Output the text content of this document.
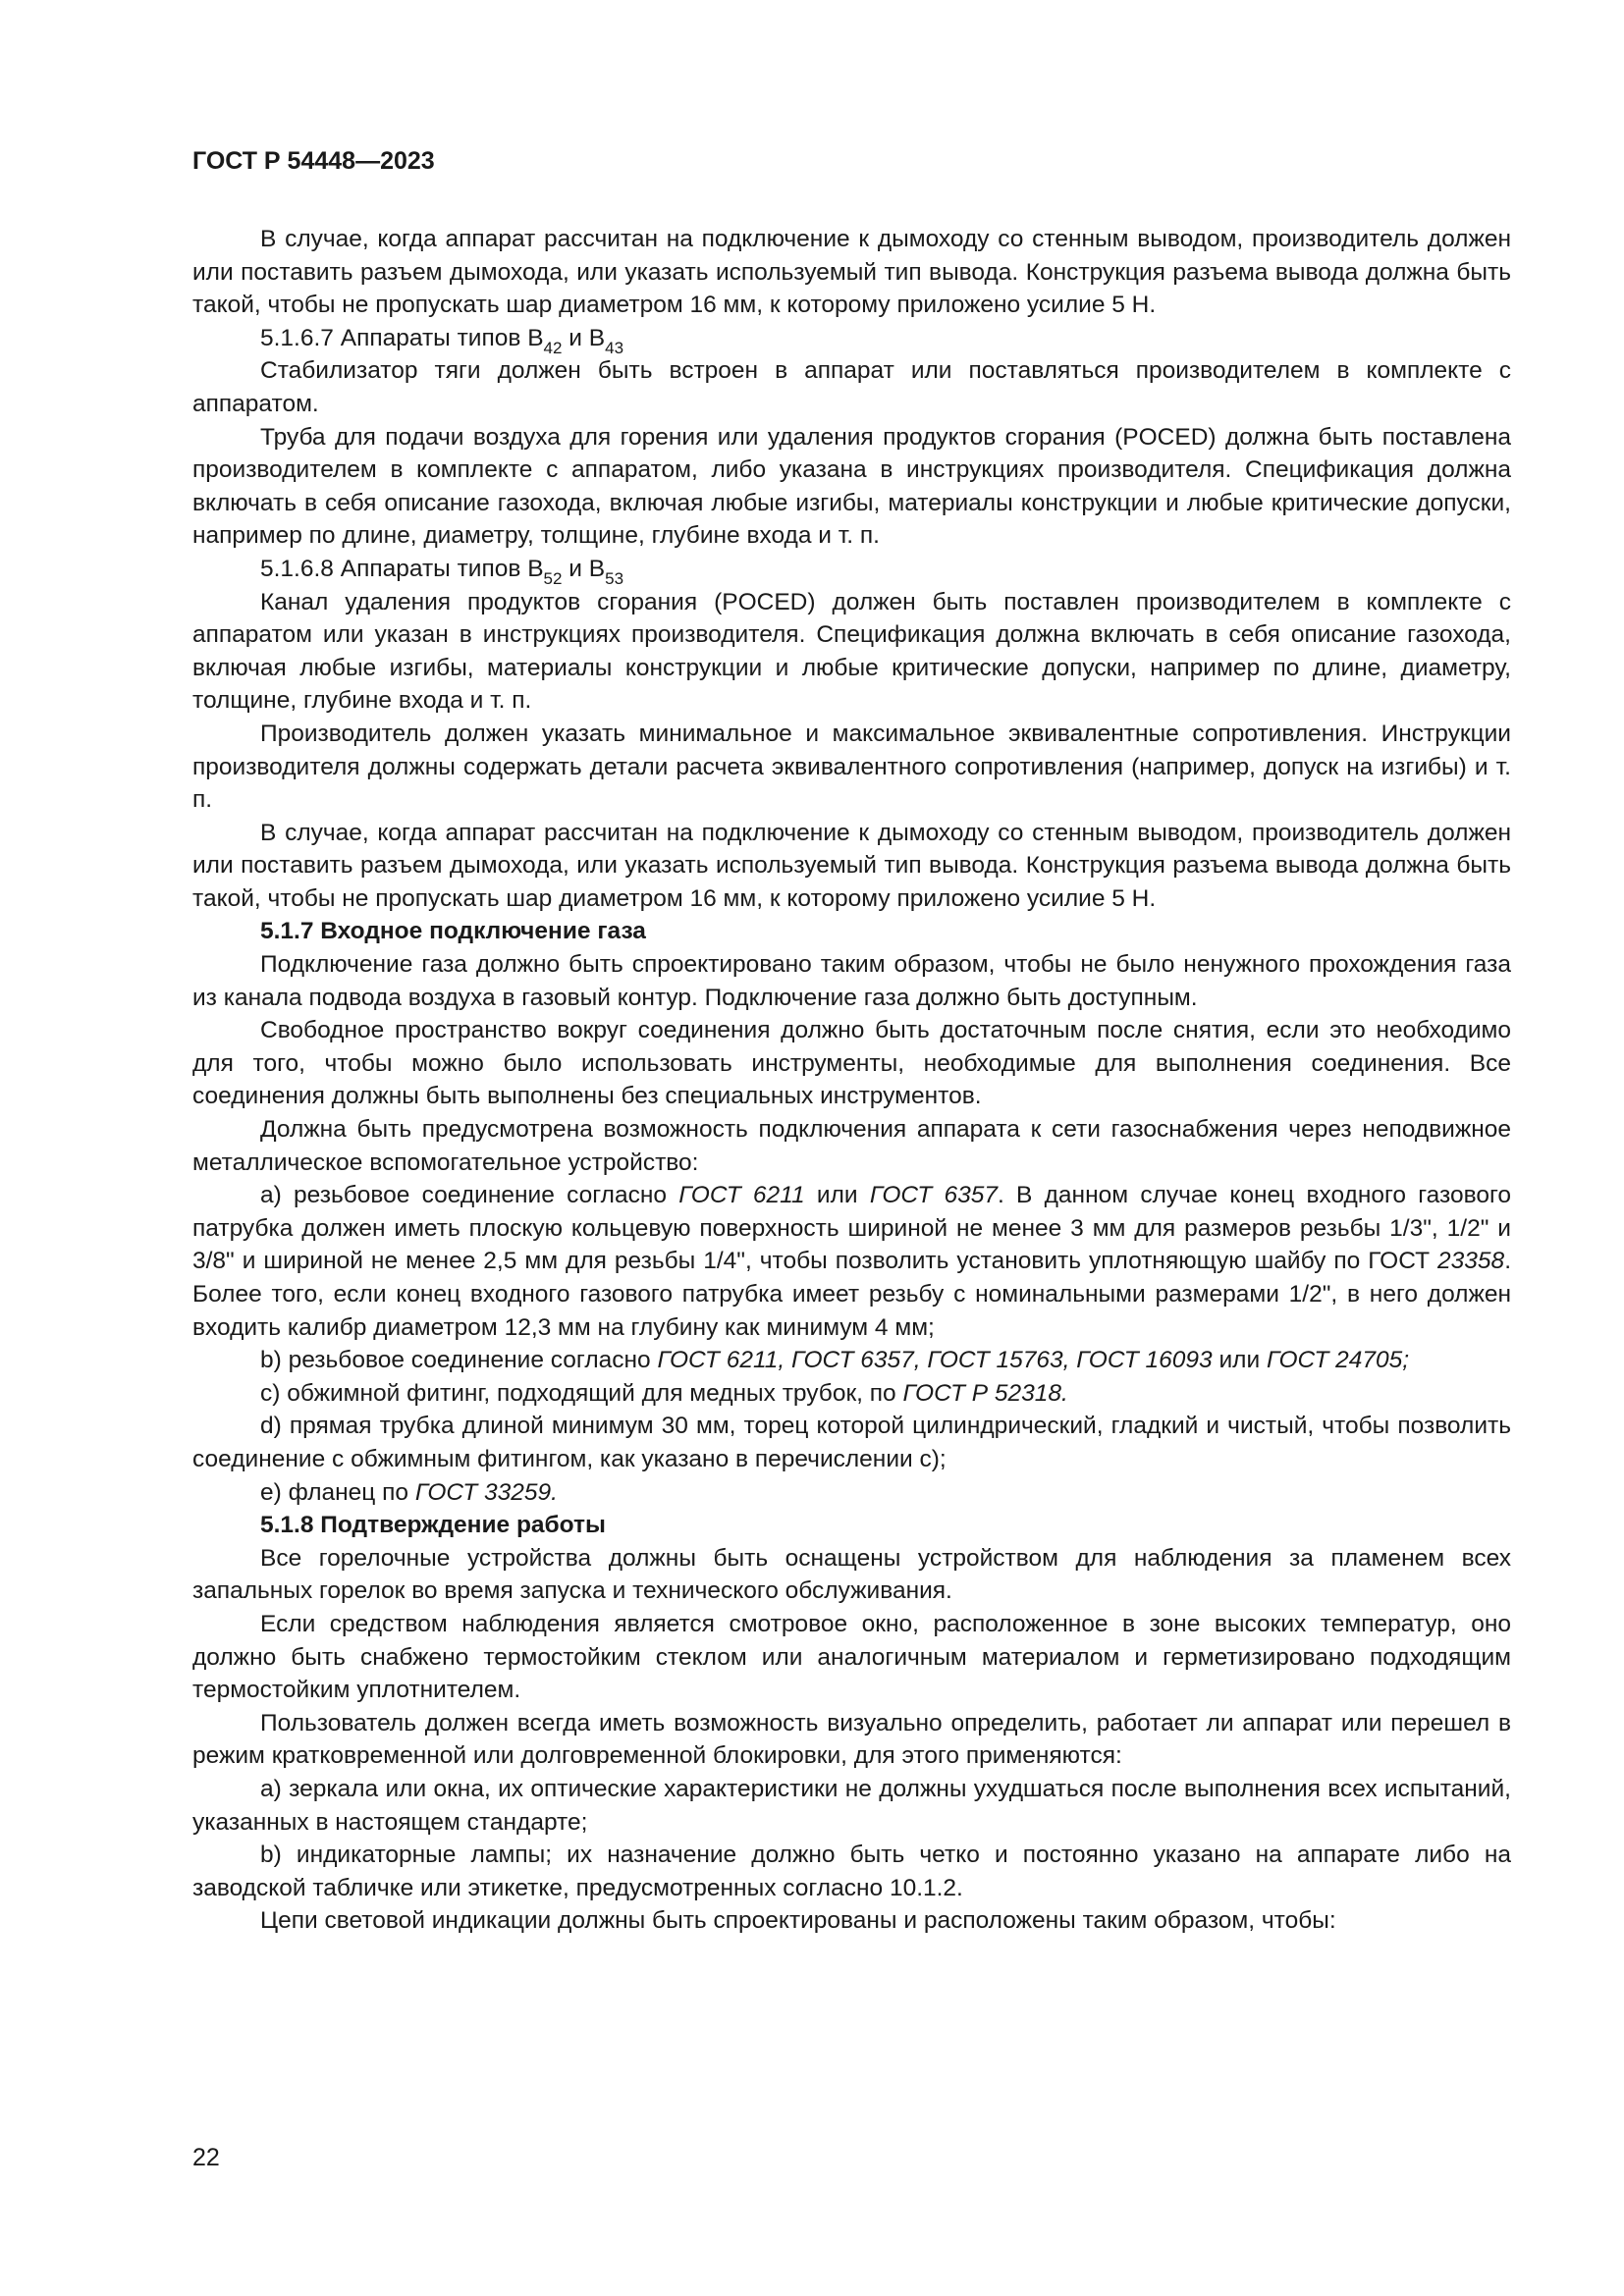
ГОСТ Р 54448—2023

В случае, когда аппарат рассчитан на подключение к дымоходу со стенным выводом, производитель должен или поставить разъем дымохода, или указать используемый тип вывода. Конструкция разъема вывода должна быть такой, чтобы не пропускать шар диаметром 16 мм, к которому приложено усилие 5 Н.

5.1.6.7 Аппараты типов $B_{42}$ и $B_{43}$

Стабилизатор тяги должен быть встроен в аппарат или поставляться производителем в комплекте с аппаратом.

Труба для подачи воздуха для горения или удаления продуктов сгорания (POCED) должна быть поставлена производителем в комплекте с аппаратом, либо указана в инструкциях производителя. Спецификация должна включать в себя описание газохода, включая любые изгибы, материалы конструкции и любые критические допуски, например по длине, диаметру, толщине, глубине входа и т. п.

5.1.6.8 Аппараты типов $B_{52}$ и $B_{53}$

Канал удаления продуктов сгорания (POCED) должен быть поставлен производителем в комплекте с аппаратом или указан в инструкциях производителя. Спецификация должна включать в себя описание газохода, включая любые изгибы, материалы конструкции и любые критические допуски, например по длине, диаметру, толщине, глубине входа и т. п.

Производитель должен указать минимальное и максимальное эквивалентные сопротивления. Инструкции производителя должны содержать детали расчета эквивалентного сопротивления (например, допуск на изгибы) и т. п.

В случае, когда аппарат рассчитан на подключение к дымоходу со стенным выводом, производитель должен или поставить разъем дымохода, или указать используемый тип вывода. Конструкция разъема вывода должна быть такой, чтобы не пропускать шар диаметром 16 мм, к которому приложено усилие 5 Н.

5.1.7 Входное подключение газа

Подключение газа должно быть спроектировано таким образом, чтобы не было ненужного прохождения газа из канала подвода воздуха в газовый контур. Подключение газа должно быть доступным.

Свободное пространство вокруг соединения должно быть достаточным после снятия, если это необходимо для того, чтобы можно было использовать инструменты, необходимые для выполнения соединения. Все соединения должны быть выполнены без специальных инструментов.

Должна быть предусмотрена возможность подключения аппарата к сети газоснабжения через неподвижное металлическое вспомогательное устройство:

а) резьбовое соединение согласно ГОСТ 6211 или ГОСТ 6357. В данном случае конец входного газового патрубка должен иметь плоскую кольцевую поверхность шириной не менее 3 мм для размеров резьбы 1/3", 1/2" и 3/8" и шириной не менее 2,5 мм для резьбы 1/4", чтобы позволить установить уплотняющую шайбу по ГОСТ 23358. Более того, если конец входного газового патрубка имеет резьбу с номинальными размерами 1/2", в него должен входить калибр диаметром 12,3 мм на глубину как минимум 4 мм;

b) резьбовое соединение согласно ГОСТ 6211, ГОСТ 6357, ГОСТ 15763, ГОСТ 16093 или ГОСТ 24705;

c) обжимной фитинг, подходящий для медных трубок, по ГОСТ Р 52318.

d) прямая трубка длиной минимум 30 мм, торец которой цилиндрический, гладкий и чистый, чтобы позволить соединение с обжимным фитингом, как указано в перечислении с);

e) фланец по ГОСТ 33259.

5.1.8 Подтверждение работы

Все горелочные устройства должны быть оснащены устройством для наблюдения за пламенем всех запальных горелок во время запуска и технического обслуживания.

Если средством наблюдения является смотровое окно, расположенное в зоне высоких температур, оно должно быть снабжено термостойким стеклом или аналогичным материалом и герметизировано подходящим термостойким уплотнителем.

Пользователь должен всегда иметь возможность визуально определить, работает ли аппарат или перешел в режим кратковременной или долговременной блокировки, для этого применяются:

а) зеркала или окна, их оптические характеристики не должны ухудшаться после выполнения всех испытаний, указанных в настоящем стандарте;

b) индикаторные лампы; их назначение должно быть четко и постоянно указано на аппарате либо на заводской табличке или этикетке, предусмотренных согласно 10.1.2.

Цепи световой индикации должны быть спроектированы и расположены таким образом, чтобы:

22
